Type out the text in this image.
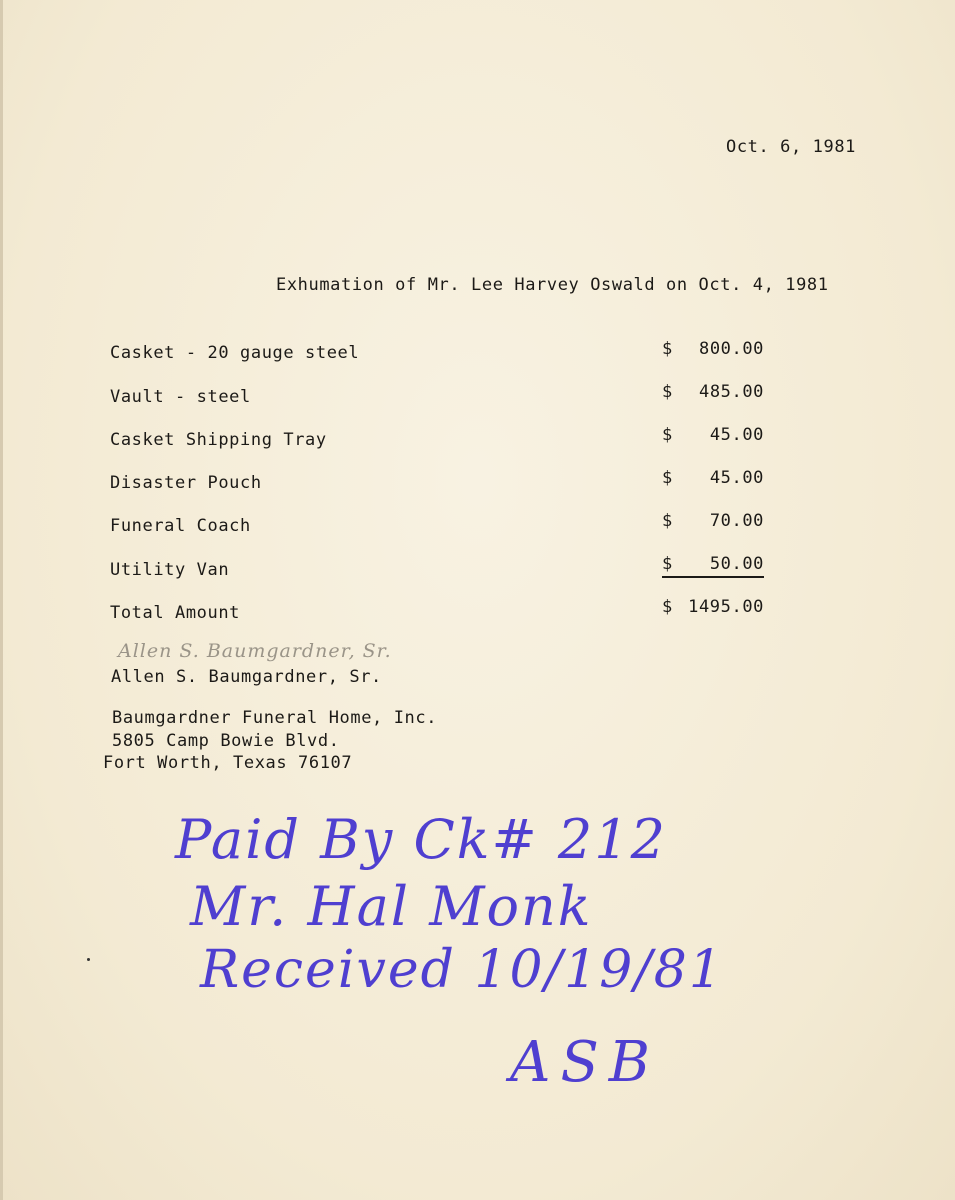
Oct. 6, 1981
Exhumation of Mr. Lee Harvey Oswald on Oct. 4, 1981
Casket - 20 gauge steel	$ 800.00
Vault - steel	$ 485.00
Casket Shipping Tray	$ 45.00
Disaster Pouch	$ 45.00
Funeral Coach	$ 70.00
Utility Van	$ 50.00
Total Amount	$ 1495.00
Allen S. Baumgardner, Sr.
Allen S. Baumgardner, Sr.
Baumgardner Funeral Home, Inc.
5805 Camp Bowie Blvd.
Fort Worth, Texas 76107
Paid By Ck# 212
Mr. Hal Monk
Received 10/19/81
ASB
